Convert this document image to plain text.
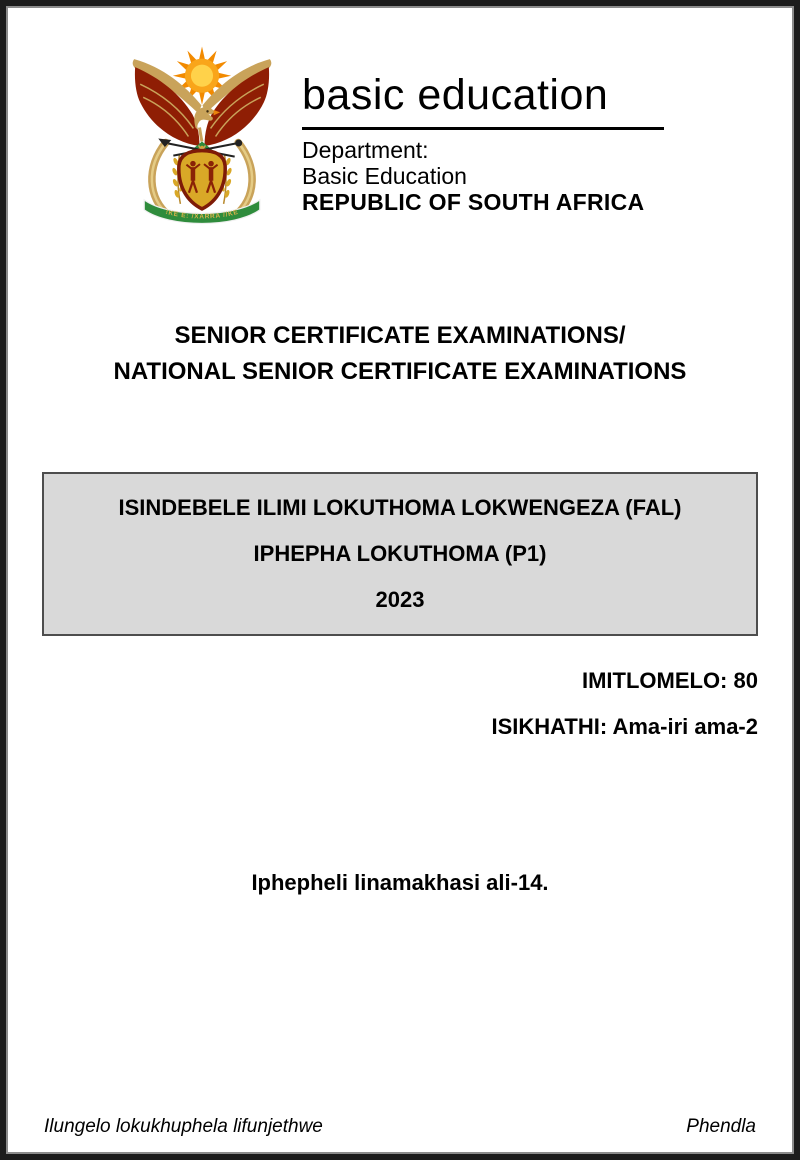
!KE E: /XARRA //KE
basic education
Department:
Basic Education
REPUBLIC OF SOUTH AFRICA
SENIOR CERTIFICATE EXAMINATIONS/
NATIONAL SENIOR CERTIFICATE EXAMINATIONS
ISINDEBELE ILIMI LOKUTHOMA LOKWENGEZA (FAL)
IPHEPHA LOKUTHOMA (P1)
2023
IMITLOMELO: 80
ISIKHATHI: Ama-iri ama-2
Iphepheli linamakhasi ali-14.
Ilungelo lokukhuphela lifunjethwe	Phendla
